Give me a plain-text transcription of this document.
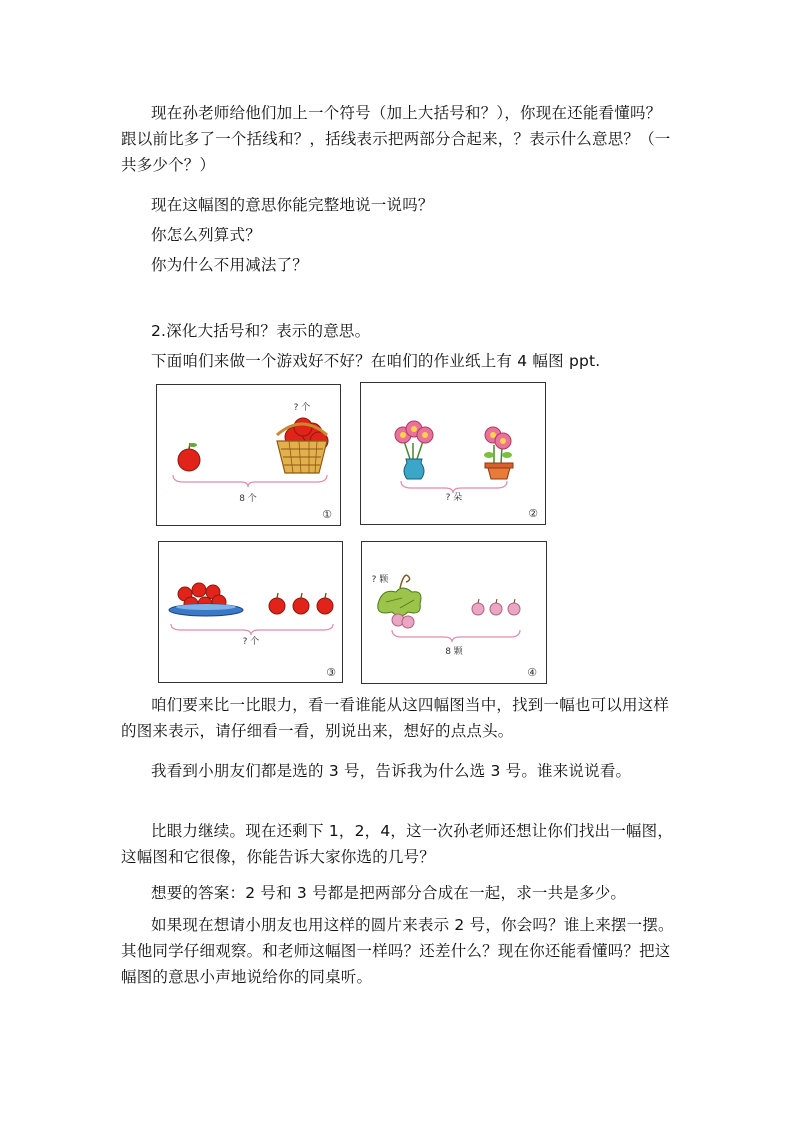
现在孙老师给他们加上一个符号（加上大括号和？），你现在还能看懂吗？
跟以前比多了一个括线和？，括线表示把两部分合起来，？表示什么意思？（一
共多少个？）
现在这幅图的意思你能完整地说一说吗？
你怎么列算式？
你为什么不用减法了？
2.深化大括号和？表示的意思。
下面咱们来做一个游戏好不好？在咱们的作业纸上有 4 幅图 ppt.
? 个
8 个
①
? 朵
②
? 个
③
? 颗
8 颗
④
咱们要来比一比眼力，看一看谁能从这四幅图当中，找到一幅也可以用这样
的图来表示，请仔细看一看，别说出来，想好的点点头。
我看到小朋友们都是选的 3 号，告诉我为什么选 3 号。谁来说说看。
比眼力继续。现在还剩下 1，2，4，这一次孙老师还想让你们找出一幅图，
这幅图和它很像，你能告诉大家你选的几号？
想要的答案：2 号和 3 号都是把两部分合成在一起，求一共是多少。
如果现在想请小朋友也用这样的圆片来表示 2 号，你会吗？谁上来摆一摆。
其他同学仔细观察。和老师这幅图一样吗？还差什么？现在你还能看懂吗？把这
幅图的意思小声地说给你的同桌听。
